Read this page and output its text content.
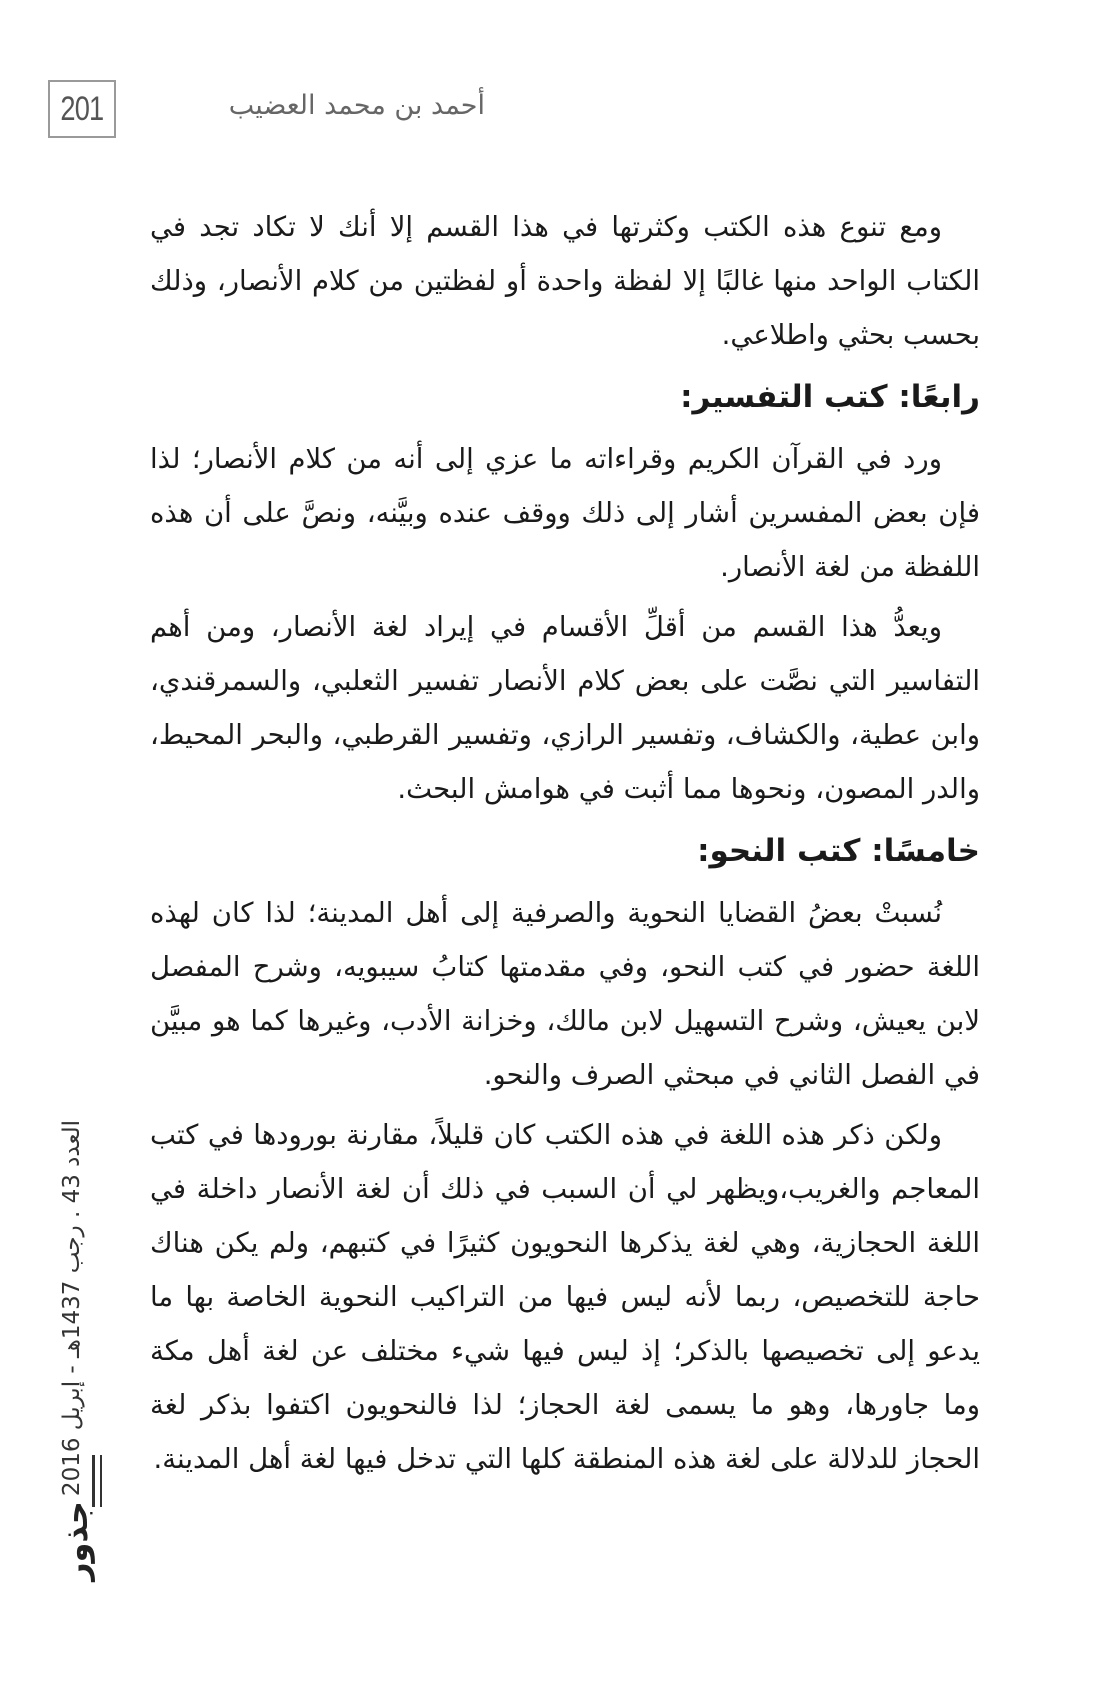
201	أحمد بن محمد العضيب

ومع تنوع هذه الكتب وكثرتها في هذا القسم إلا أنك لا تكاد تجد في الكتاب الواحد منها غالبًا إلا لفظة واحدة أو لفظتين من كلام الأنصار، وذلك بحسب بحثي واطلاعي.

رابعًا: كتب التفسير:

ورد في القرآن الكريم وقراءاته ما عزي إلى أنه من كلام الأنصار؛ لذا فإن بعض المفسرين أشار إلى ذلك ووقف عنده وبيَّنه، ونصَّ على أن هذه اللفظة من لغة الأنصار.

ويعدُّ هذا القسم من أقلِّ الأقسام في إيراد لغة الأنصار، ومن أهم التفاسير التي نصَّت على بعض كلام الأنصار تفسير الثعلبي، والسمرقندي، وابن عطية، والكشاف، وتفسير الرازي، وتفسير القرطبي، والبحر المحيط، والدر المصون، ونحوها مما أثبت في هوامش البحث.

خامسًا: كتب النحو:

نُسبتْ بعضُ القضايا النحوية والصرفية إلى أهل المدينة؛ لذا كان لهذه اللغة حضور في كتب النحو، وفي مقدمتها كتابُ سيبويه، وشرح المفصل لابن يعيش، وشرح التسهيل لابن مالك، وخزانة الأدب، وغيرها كما هو مبيَّن في الفصل الثاني في مبحثي الصرف والنحو.

ولكن ذكر هذه اللغة في هذه الكتب كان قليلاً، مقارنة بورودها في كتب المعاجم والغريب،ويظهر لي أن السبب في ذلك أن لغة الأنصار داخلة في اللغة الحجازية، وهي لغة يذكرها النحويون كثيرًا في كتبهم، ولم يكن هناك حاجة للتخصيص، ربما لأنه ليس فيها من التراكيب النحوية الخاصة بها ما يدعو إلى تخصيصها بالذكر؛ إذ ليس فيها شيء مختلف عن لغة أهل مكة وما جاورها، وهو ما يسمى لغة الحجاز؛ لذا فالنحويون اكتفوا بذكر لغة الحجاز للدلالة على لغة هذه المنطقة كلها التي تدخل فيها لغة أهل المدينة.

العدد 43 . رجب 1437هـ - إبريل 2016
جذور
